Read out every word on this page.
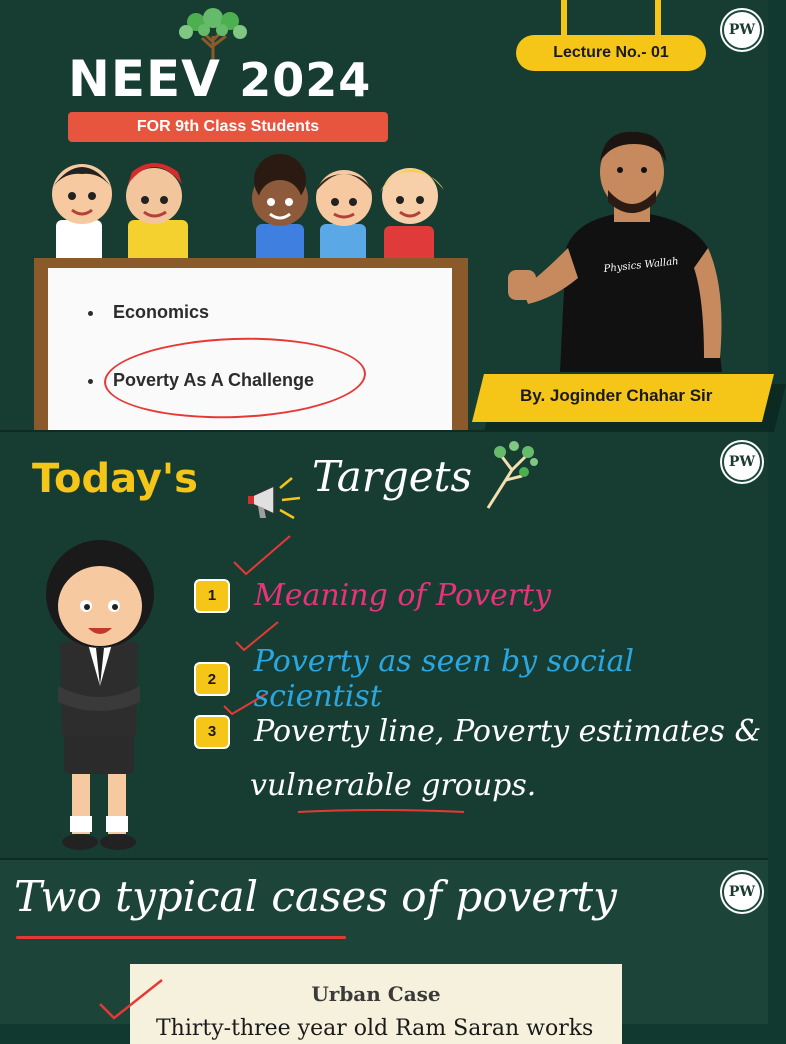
NEEV 2024
FOR 9th Class Students
Lecture No.- 01
PW
Economics
Poverty As A Challenge
Physics Wallah
By. Joginder Chahar Sir
Today's	Targets	PW
1	Meaning of Poverty
2	Poverty as seen by social scientist
3	Poverty line, Poverty estimates &
vulnerable groups.
Two typical cases of poverty	PW
Urban Case
Thirty-three year old Ram Saran works
